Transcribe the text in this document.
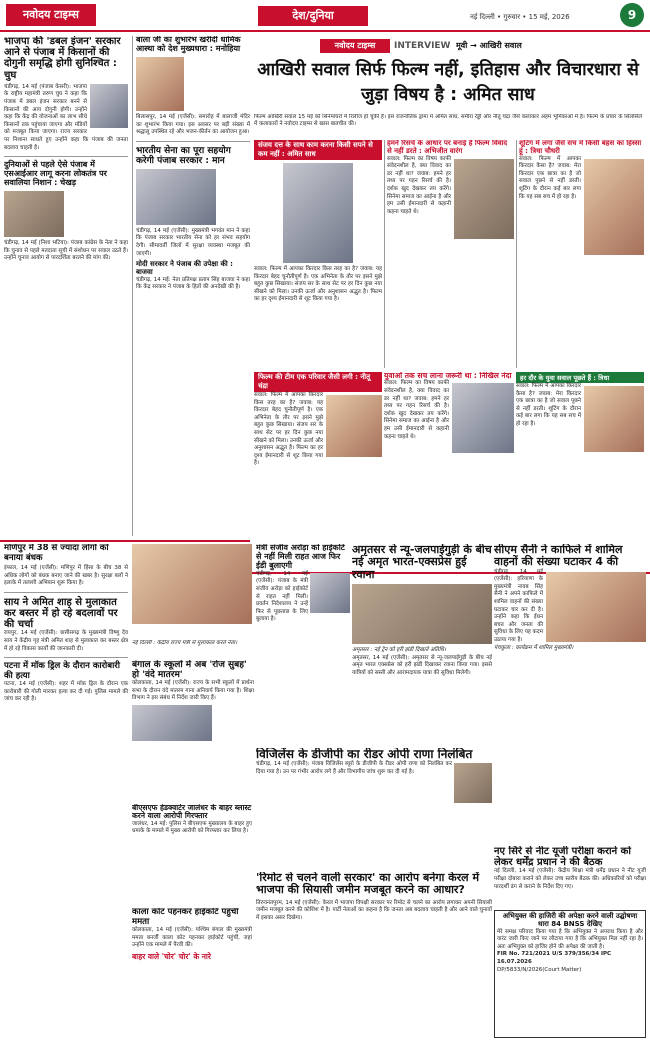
नवोदय टाइम्स	देश/दुनिया	नई दिल्ली • गुरुवार • 15 मई, 2026	9
भाजपा की 'डबल इंजन' सरकार आने से पंजाब में किसानों की दोगुनी समृद्धि होगी सुनिश्चित : चुघ
चंडीगढ़, 14 मई (पंजाब केसरी): भाजपा के राष्ट्रीय महामंत्री तरुण चुघ ने कहा कि पंजाब में डबल इंजन सरकार बनने से किसानों की आय दोगुनी होगी। उन्होंने कहा कि केंद्र की योजनाओं का लाभ सीधे किसानों तक पहुंचाया जाएगा और मंडियों को मजबूत किया जाएगा। राज्य सरकार पर निशाना साधते हुए उन्होंने कहा कि पंजाब की जनता बदलाव चाहती है।
दुनियाओं से पहले ऐसे पंजाब में एसआईआर लागू करना लोकतंत्र पर सवालिया निशान : चेखड़
चंडीगढ़, 14 मई (निशा भटिया): पंजाब कांग्रेस के नेता ने कहा कि चुनाव से पहले मतदाता सूची में संशोधन पर सवाल उठते हैं। उन्होंने चुनाव आयोग से पारदर्शिता बरतने की मांग की।
बाला जी का शुभारंभ खरीदी धार्मिक आस्था को देश मुख्यधारा : मनोहिया
बिलासपुर, 14 मई (एजेंसी): समारोह में बालाजी मंदिर का शुभारंभ किया गया। इस अवसर पर बड़ी संख्या में श्रद्धालु उपस्थित रहे और भजन-कीर्तन का आयोजन हुआ।
भारतीय सेना का पूरा सहयोग करेगी पंजाब सरकार : मान
चंडीगढ़, 14 मई (एजेंसी): मुख्यमंत्री भगवंत मान ने कहा कि पंजाब सरकार भारतीय सेना को हर संभव सहयोग देगी। सीमावर्ती जिलों में सुरक्षा व्यवस्था मजबूत की जाएगी।
मोदी सरकार ने पंजाब की उपेक्षा की : बाजवा
चंडीगढ़, 14 मई: नेता प्रतिपक्ष प्रताप सिंह बाजवा ने कहा कि केंद्र सरकार ने पंजाब के हितों की अनदेखी की है।
नवोदय टाइम्स	INTERVIEW मूवी → आखिरी सवाल
आखिरी सवाल सिर्फ फिल्म नहीं, इतिहास और विचारधारा से जुड़ा विषय है : अमित साध
फिल्म आखिरी सवाल 15 मई को सिनेमाघरों में रिलीज हो चुकी है। इस राजनीतिक ड्रामा में अमित साध, समीरा रेड्डी और नीतू चंद्रा जैसे कलाकार अहम भूमिकाओं में हैं। फिल्म के प्रचार के सिलसिले में कलाकारों ने नवोदय टाइम्स से खास बातचीत की।
संजय दत्त के साथ काम करना किसी सपने से कम नहीं : अमित साध
सवाल: फिल्म में आपका किरदार किस तरह का है? जवाब: यह किरदार बेहद चुनौतीपूर्ण है। एक अभिनेता के तौर पर इसने मुझे बहुत कुछ सिखाया। संजय सर के साथ सेट पर हर दिन कुछ नया सीखने को मिला। उनकी ऊर्जा और अनुशासन अद्भुत है। फिल्म का हर दृश्य ईमानदारी से शूट किया गया है।
हमने रिसर्च के आधार पर बनाई है फिल्म विवाद से नहीं डरते : अभिजीत वारंग
सवाल: फिल्म का विषय काफी संवेदनशील है, क्या विवाद का डर नहीं था? जवाब: हमने हर तथ्य पर गहन रिसर्च की है। दर्शक खुद देखकर तय करेंगे। सिनेमा समाज का आईना है और हम उसी ईमानदारी से कहानी कहना चाहते थे।
शूटिंग में लगा जैसे सच में किसी बहस का हिस्सा हूं : त्रिधा चौधरी
सवाल: फिल्म में आपका किरदार कैसा है? जवाब: मेरा किरदार एक छात्रा का है जो सवाल पूछने से नहीं डरती। शूटिंग के दौरान कई बार लगा कि यह सब सच में हो रहा है।
फिल्म की टीम एक परिवार जैसी लगी : नीतू चंद्रा
सवाल: फिल्म में आपका किरदार किस तरह का है? जवाब: यह किरदार बेहद चुनौतीपूर्ण है। एक अभिनेता के तौर पर इसने मुझे बहुत कुछ सिखाया। संजय सर के साथ सेट पर हर दिन कुछ नया सीखने को मिला। उनकी ऊर्जा और अनुशासन अद्भुत है। फिल्म का हर दृश्य ईमानदारी से शूट किया गया है।
युवाओं तक सच लाना जरूरी था : निखिल नंदा
सवाल: फिल्म का विषय काफी संवेदनशील है, क्या विवाद का डर नहीं था? जवाब: हमने हर तथ्य पर गहन रिसर्च की है। दर्शक खुद देखकर तय करेंगे। सिनेमा समाज का आईना है और हम उसी ईमानदारी से कहानी कहना चाहते थे।
हर दौर के युवा सवाल पूछते हैं : त्रिधा
सवाल: फिल्म में आपका किरदार कैसा है? जवाब: मेरा किरदार एक छात्रा का है जो सवाल पूछने से नहीं डरती। शूटिंग के दौरान कई बार लगा कि यह सब सच में हो रहा है।
मणिपुर में 38 से ज्यादा लोगों को बनाया बंधक
इंफाल, 14 मई (एजेंसी): मणिपुर में हिंसा के बीच 38 से अधिक लोगों को बंधक बनाए जाने की खबर है। सुरक्षा बलों ने इलाके में तलाशी अभियान शुरू किया है।
साय ने अमित शाह से मुलाकात कर बस्तर में हो रहे बदलावों पर की चर्चा
रायपुर, 14 मई (एजेंसी): छत्तीसगढ़ के मुख्यमंत्री विष्णु देव साय ने केंद्रीय गृह मंत्री अमित शाह से मुलाकात कर बस्तर क्षेत्र में हो रहे विकास कार्यों की जानकारी दी।
पटना में मॉक ड्रिल के दौरान कारोबारी की हत्या
पटना, 14 मई (एजेंसी): शहर में मॉक ड्रिल के दौरान एक कारोबारी की गोली मारकर हत्या कर दी गई। पुलिस मामले की जांच कर रही है।
मंत्री संजीव अरोड़ा को हाईकोर्ट से नहीं मिली राहत आज फिर ईडी बुलाएगी
चंडीगढ़, 14 मई (एजेंसी): पंजाब के मंत्री संजीव अरोड़ा को हाईकोर्ट से राहत नहीं मिली। प्रवर्तन निदेशालय ने उन्हें फिर से पूछताछ के लिए बुलाया है।
अमृतसर से न्यू-जलपाईगुड़ी के बीच नई अमृत भारत-एक्सप्रेस हुई रवाना
अमृतसर : नई ट्रेन को हरी झंडी दिखाते अतिथि।
अमृतसर, 14 मई (एजेंसी): अमृतसर से न्यू-जलपाईगुड़ी के बीच नई अमृत भारत एक्सप्रेस को हरी झंडी दिखाकर रवाना किया गया। इससे यात्रियों को सस्ती और आरामदायक यात्रा की सुविधा मिलेगी।
सीएम सैनी ने काफिले में शामिल वाहनों की संख्या घटाकर 4 की
चंडीगढ़, 14 मई (एजेंसी): हरियाणा के मुख्यमंत्री नायब सिंह सैनी ने अपने काफिले में शामिल वाहनों की संख्या घटाकर चार कर दी है। उन्होंने कहा कि ईंधन बचत और जनता की सुविधा के लिए यह कदम उठाया गया है।
पंचकूला : कार्यक्रम में शामिल मुख्यमंत्री।
नई दिल्ली : केंद्रीय राज्य मंत्री से मुलाकात करते नेता।
बंगाल के स्कूलों में अब 'रोज सुबह' हो 'वंदे मातरम'
कोलकाता, 14 मई (एजेंसी): राज्य के सभी स्कूलों में प्रार्थना सभा के दौरान वंदे मातरम गाना अनिवार्य किया गया है। शिक्षा विभाग ने इस संबंध में निर्देश जारी किए हैं।
विजिलेंस के डीजीपी का रीडर ओपी राणा निलंबित
चंडीगढ़, 14 मई (एजेंसी): पंजाब विजिलेंस ब्यूरो के डीजीपी के रीडर ओपी राणा को निलंबित कर दिया गया है। उन पर गंभीर आरोप लगे हैं और विभागीय जांच शुरू कर दी गई है।
नए सिरे से नीट यूजी परीक्षा कराने को लेकर धर्मेंद्र प्रधान ने की बैठक
नई दिल्ली, 14 मई (एजेंसी): केंद्रीय शिक्षा मंत्री धर्मेंद्र प्रधान ने नीट यूजी परीक्षा दोबारा कराने को लेकर उच्च स्तरीय बैठक की। अधिकारियों को परीक्षा पारदर्शी ढंग से कराने के निर्देश दिए गए।
बीएसएफ हेडक्वार्टर जालंधर के बाहर ब्लास्ट करने वाला आरोपी गिरफ्तार
जालंधर, 14 मई: पुलिस ने बीएसएफ मुख्यालय के बाहर हुए धमाके के मामले में मुख्य आरोपी को गिरफ्तार कर लिया है।
काला कोट पहनकर हाईकोर्ट पहुंची ममता
कोलकाता, 14 मई (एजेंसी): पश्चिम बंगाल की मुख्यमंत्री ममता बनर्जी काला कोट पहनकर हाईकोर्ट पहुंचीं, जहां उन्होंने एक मामले में पैरवी की।
बाहर वाले 'चोर' चोर' के नारे
'रिमोट से चलने वाली सरकार' का आरोप बनेगा केरल में भाजपा की सियासी जमीन मजबूत करने का आधार?
तिरुवनंतपुरम, 14 मई (एजेंसी): केरल में भाजपा विपक्षी सरकार पर रिमोट से चलने का आरोप लगाकर अपनी सियासी जमीन मजबूत करने की कोशिश में है। पार्टी नेताओं का कहना है कि जनता अब बदलाव चाहती है और आने वाले चुनावों में इसका असर दिखेगा।	अभियुक्त की हाजिरी की अपेक्षा करने वाली उद्घोषणा
धारा 84 BNSS देखिए
मेरे समक्ष परिवाद किया गया है कि अभियुक्त ने अपराध किया है और वारंट जारी किए जाने पर लौटाया गया है कि अभियुक्त मिल नहीं रहा है। अतः अभियुक्त को हाजिर होने की अपेक्षा की जाती है।
FIR No. 721/2021 U/S 379/356/34 IPC
16.07.2026
DP/5833/N/2026(Court Matter)
